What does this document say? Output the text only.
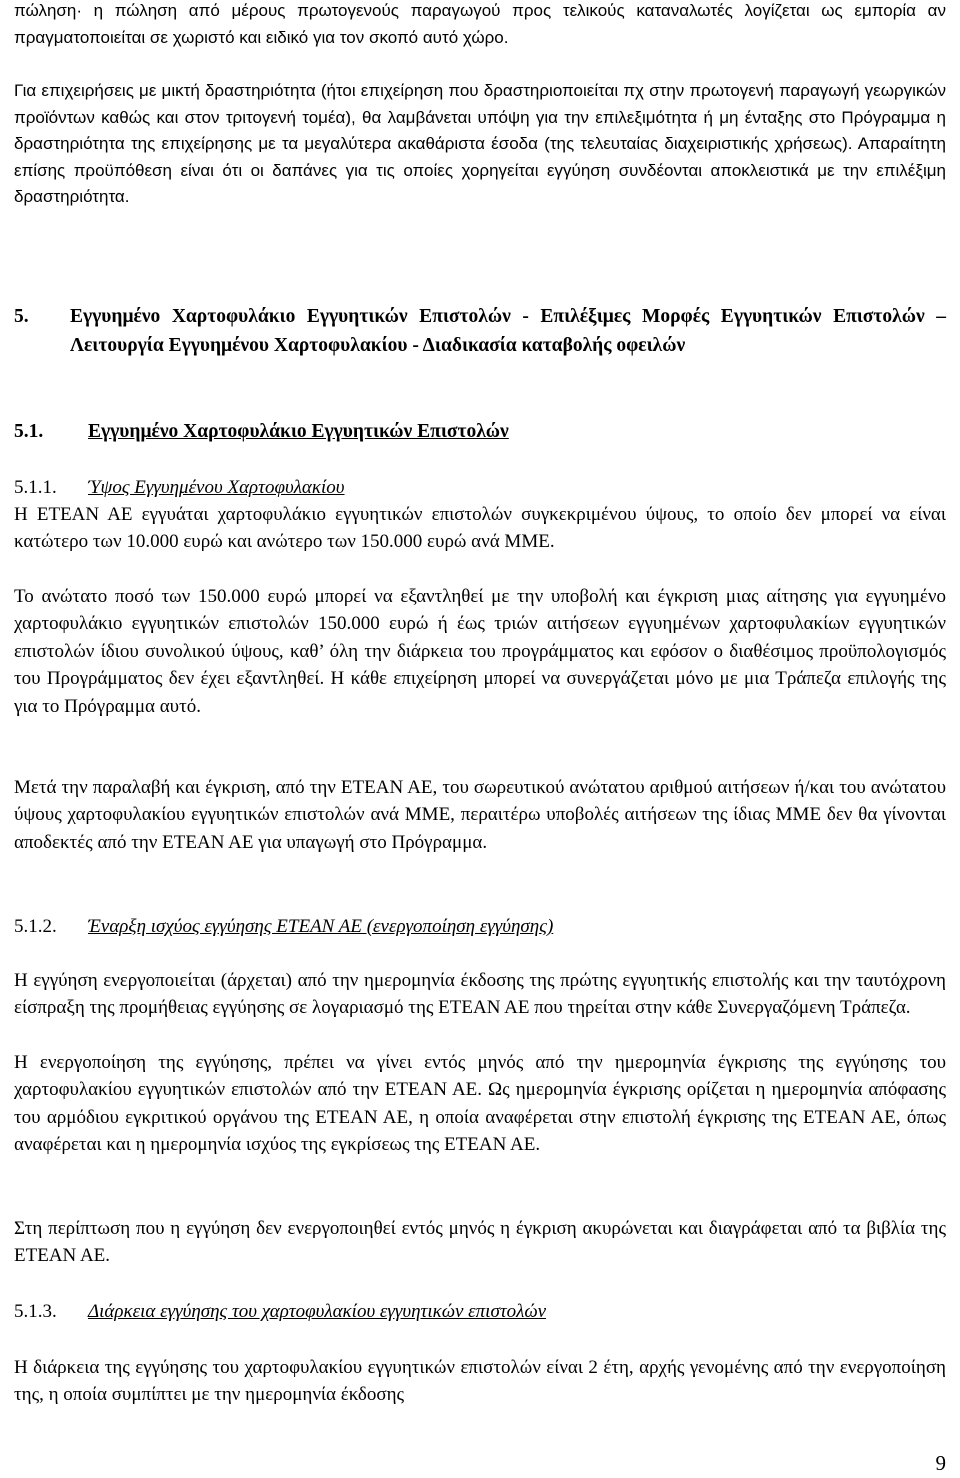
πώληση· η πώληση από μέρους πρωτογενούς παραγωγού προς τελικούς καταναλωτές λογίζεται ως εμπορία αν πραγματοποιείται σε χωριστό και ειδικό για τον σκοπό αυτό χώρο.

Για επιχειρήσεις με μικτή δραστηριότητα (ήτοι επιχείρηση που δραστηριοποιείται πχ στην πρωτογενή παραγωγή γεωργικών προϊόντων καθώς και στον τριτογενή τομέα), θα λαμβάνεται υπόψη για την επιλεξιμότητα ή μη ένταξης στο Πρόγραμμα η δραστηριότητα της επιχείρησης με τα μεγαλύτερα ακαθάριστα έσοδα (της τελευταίας διαχειριστικής χρήσεως). Απαραίτητη επίσης προϋπόθεση είναι ότι οι δαπάνες για τις οποίες χορηγείται εγγύηση συνδέονται αποκλειστικά με την επιλέξιμη δραστηριότητα.

5. Εγγυημένο Χαρτοφυλάκιο Εγγυητικών Επιστολών - Επιλέξιμες Μορφές Εγγυητικών Επιστολών – Λειτουργία Εγγυημένου Χαρτοφυλακίου - Διαδικασία καταβολής οφειλών
5.1. Εγγυημένο Χαρτοφυλάκιο Εγγυητικών Επιστολών
5.1.1. Ύψος Εγγυημένου Χαρτοφυλακίου

Η ΕΤΕΑΝ ΑΕ εγγυάται χαρτοφυλάκιο εγγυητικών επιστολών συγκεκριμένου ύψους, το οποίο δεν μπορεί να είναι κατώτερο των 10.000 ευρώ και ανώτερο των 150.000 ευρώ ανά ΜΜΕ.

Το ανώτατο ποσό των 150.000 ευρώ μπορεί να εξαντληθεί με την υποβολή και έγκριση μιας αίτησης για εγγυημένο χαρτοφυλάκιο εγγυητικών επιστολών 150.000 ευρώ ή έως τριών αιτήσεων εγγυημένων χαρτοφυλακίων εγγυητικών επιστολών ίδιου συνολικού ύψους, καθ’ όλη την διάρκεια του προγράμματος και εφόσον ο διαθέσιμος προϋπολογισμός του Προγράμματος δεν έχει εξαντληθεί. Η κάθε επιχείρηση μπορεί να συνεργάζεται μόνο με μια Τράπεζα επιλογής της για το Πρόγραμμα αυτό.

Μετά την παραλαβή και έγκριση, από την ΕΤΕΑΝ ΑΕ, του σωρευτικού ανώτατου αριθμού αιτήσεων ή/και του ανώτατου ύψους χαρτοφυλακίου εγγυητικών επιστολών ανά ΜΜΕ, περαιτέρω υποβολές αιτήσεων της ίδιας ΜΜΕ δεν θα γίνονται αποδεκτές από την ΕΤΕΑΝ ΑΕ για υπαγωγή στο Πρόγραμμα.

5.1.2. Έναρξη ισχύος εγγύησης ΕΤΕΑΝ ΑΕ (ενεργοποίηση εγγύησης)

Η εγγύηση ενεργοποιείται (άρχεται) από την ημερομηνία έκδοσης της πρώτης εγγυητικής επιστολής και την ταυτόχρονη είσπραξη της προμήθειας εγγύησης σε λογαριασμό της ΕΤΕΑΝ ΑΕ που τηρείται στην κάθε Συνεργαζόμενη Τράπεζα.

Η ενεργοποίηση της εγγύησης, πρέπει να γίνει εντός μηνός από την ημερομηνία έγκρισης της εγγύησης του χαρτοφυλακίου εγγυητικών επιστολών από την ΕΤΕΑΝ ΑΕ. Ως ημερομηνία έγκρισης ορίζεται η ημερομηνία απόφασης του αρμόδιου εγκριτικού οργάνου της ΕΤΕΑΝ ΑΕ, η οποία αναφέρεται στην επιστολή έγκρισης της ΕΤΕΑΝ ΑΕ, όπως αναφέρεται και η ημερομηνία ισχύος της εγκρίσεως της ΕΤΕΑΝ ΑΕ.

Στη περίπτωση που η εγγύηση δεν ενεργοποιηθεί εντός μηνός η έγκριση ακυρώνεται και διαγράφεται από τα βιβλία της ΕΤΕΑΝ ΑΕ.

5.1.3. Διάρκεια εγγύησης του χαρτοφυλακίου εγγυητικών επιστολών

Η διάρκεια της εγγύησης του χαρτοφυλακίου εγγυητικών επιστολών είναι 2 έτη, αρχής γενομένης από την ενεργοποίηση της, η οποία συμπίπτει με την ημερομηνία έκδοσης

9
